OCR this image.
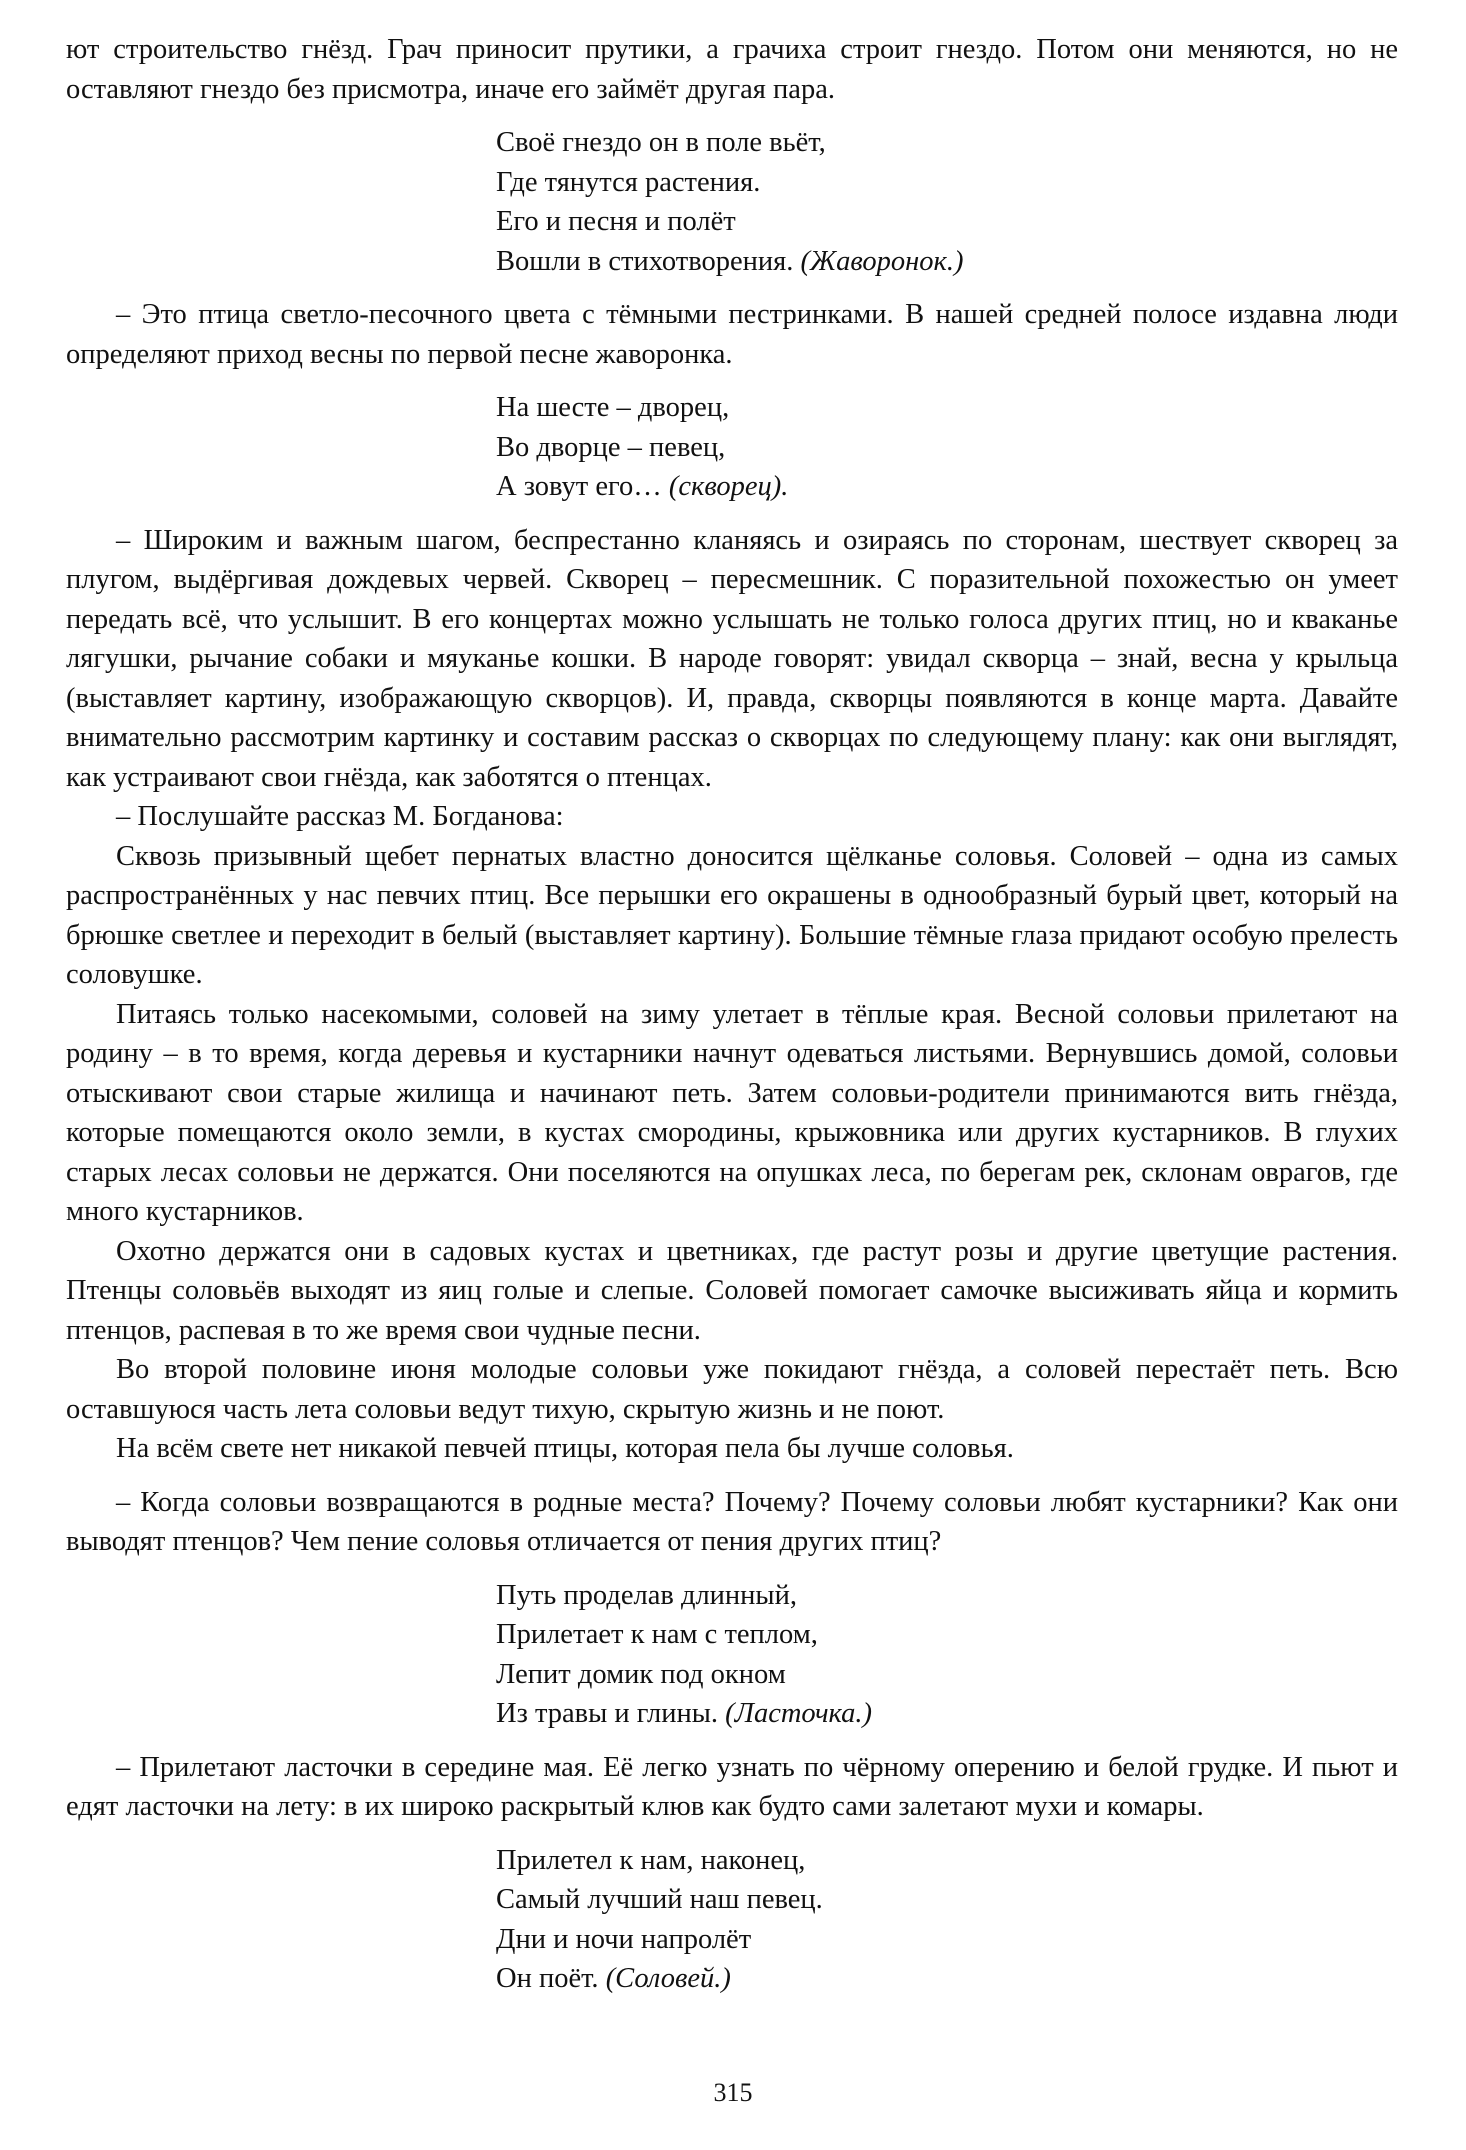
ют строительство гнёзд. Грач приносит прутики, а грачиха строит гнездо. Потом они меняются, но не оставляют гнездо без присмотра, иначе его займёт другая пара.

Своё гнездо он в поле вьёт,
Где тянутся растения.
Его и песня и полёт
Вошли в стихотворения. (Жаворонок.)

– Это птица светло-песочного цвета с тёмными пестринками. В нашей средней полосе издавна люди определяют приход весны по первой песне жаворонка.

На шесте – дворец,
Во дворце – певец,
А зовут его… (скворец).

– Широким и важным шагом, беспрестанно кланяясь и озираясь по сторонам, шествует скворец за плугом, выдёргивая дождевых червей. Скворец – пересмешник. С поразительной похожестью он умеет передать всё, что услышит. В его концертах можно услышать не только голоса других птиц, но и кваканье лягушки, рычание собаки и мяуканье кошки. В народе говорят: увидал скворца – знай, весна у крыльца (выставляет картину, изображающую скворцов). И, правда, скворцы появляются в конце марта. Давайте внимательно рассмотрим картинку и составим рассказ о скворцах по следующему плану: как они выглядят, как устраивают свои гнёзда, как заботятся о птенцах.

– Послушайте рассказ М. Богданова:

Сквозь призывный щебет пернатых властно доносится щёлканье соловья. Соловей – одна из самых распространённых у нас певчих птиц. Все перышки его окрашены в однообразный бурый цвет, который на брюшке светлее и переходит в белый (выставляет картину). Большие тёмные глаза придают особую прелесть соловушке.

Питаясь только насекомыми, соловей на зиму улетает в тёплые края. Весной соловьи прилетают на родину – в то время, когда деревья и кустарники начнут одеваться листьями. Вернувшись домой, соловьи отыскивают свои старые жилища и начинают петь. Затем соловьи-родители принимаются вить гнёзда, которые помещаются около земли, в кустах смородины, крыжовника или других кустарников. В глухих старых лесах соловьи не держатся. Они поселяются на опушках леса, по берегам рек, склонам оврагов, где много кустарников.

Охотно держатся они в садовых кустах и цветниках, где растут розы и другие цветущие растения. Птенцы соловьёв выходят из яиц голые и слепые. Соловей помогает самочке высиживать яйца и кормить птенцов, распевая в то же время свои чудные песни.

Во второй половине июня молодые соловьи уже покидают гнёзда, а соловей перестаёт петь. Всю оставшуюся часть лета соловьи ведут тихую, скрытую жизнь и не поют.

На всём свете нет никакой певчей птицы, которая пела бы лучше соловья.

– Когда соловьи возвращаются в родные места? Почему? Почему соловьи любят кустарники? Как они выводят птенцов? Чем пение соловья отличается от пения других птиц?

Путь проделав длинный,
Прилетает к нам с теплом,
Лепит домик под окном
Из травы и глины. (Ласточка.)

– Прилетают ласточки в середине мая. Её легко узнать по чёрному оперению и белой грудке. И пьют и едят ласточки на лету: в их широко раскрытый клюв как будто сами залетают мухи и комары.

Прилетел к нам, наконец,
Самый лучший наш певец.
Дни и ночи напролёт
Он поёт. (Соловей.)
315
